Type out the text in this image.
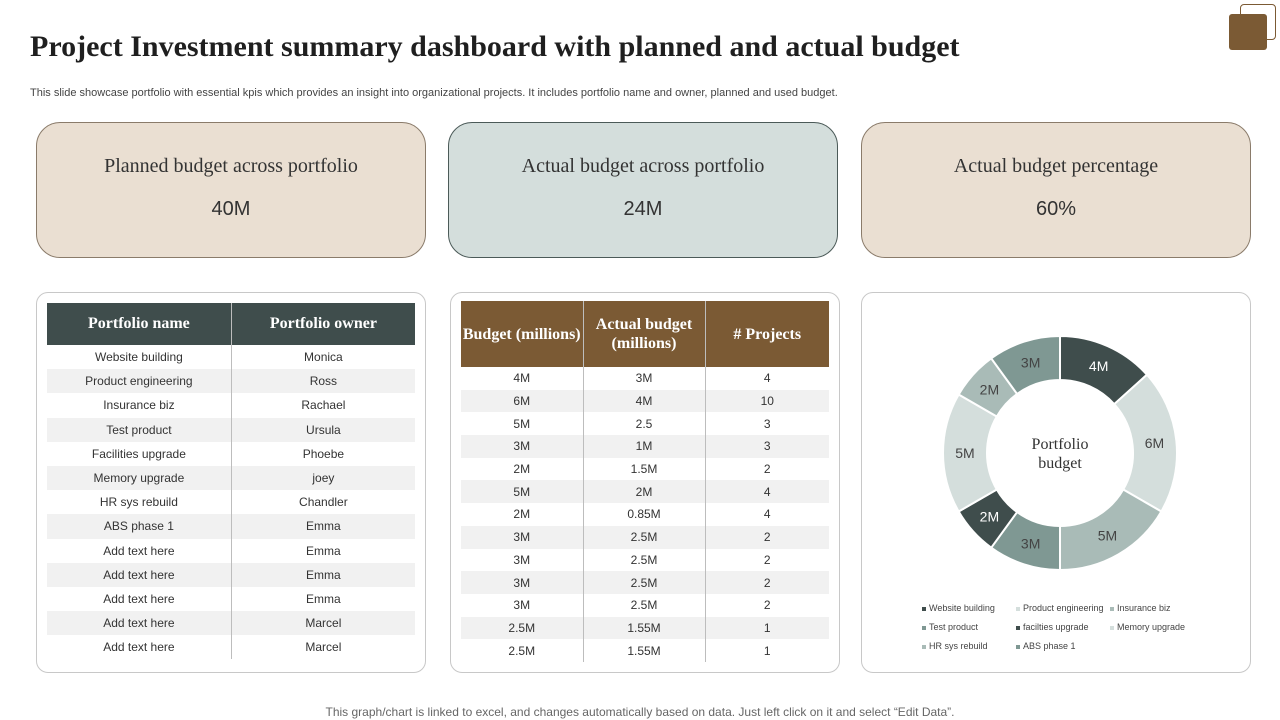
Project Investment summary dashboard with planned and actual budget
This slide showcase portfolio with essential kpis which provides an insight into organizational projects. It includes portfolio name and owner, planned and used budget.
Planned budget across portfolio
40M
Actual budget across portfolio
24M
Actual budget percentage
60%
Portfolio name	Portfolio owner
Website building	Monica
Product engineering	Ross
Insurance biz	Rachael
Test product	Ursula
Facilities upgrade	Phoebe
Memory upgrade	joey
HR sys rebuild	Chandler
ABS phase 1	Emma
Add text here	Emma
Add text here	Emma
Add text here	Emma
Add text here	Marcel
Add text here	Marcel
Budget (millions)	Actual budget (millions)	# Projects
4M	3M	4
6M	4M	10
5M	2.5	3
3M	1M	3
2M	1.5M	2
5M	2M	4
2M	0.85M	4
3M	2.5M	2
3M	2.5M	2
3M	2.5M	2
3M	2.5M	2
2.5M	1.55M	1
2.5M	1.55M	1
4M
6M
5M
3M
2M
5M
2M
3M
Portfolio
budget
Website building	Product engineering	Insurance biz
Test product	facilties upgrade	Memory upgrade
HR sys rebuild	ABS phase 1
This graph/chart is linked to excel, and changes automatically based on data. Just left click on it and select “Edit Data”.
